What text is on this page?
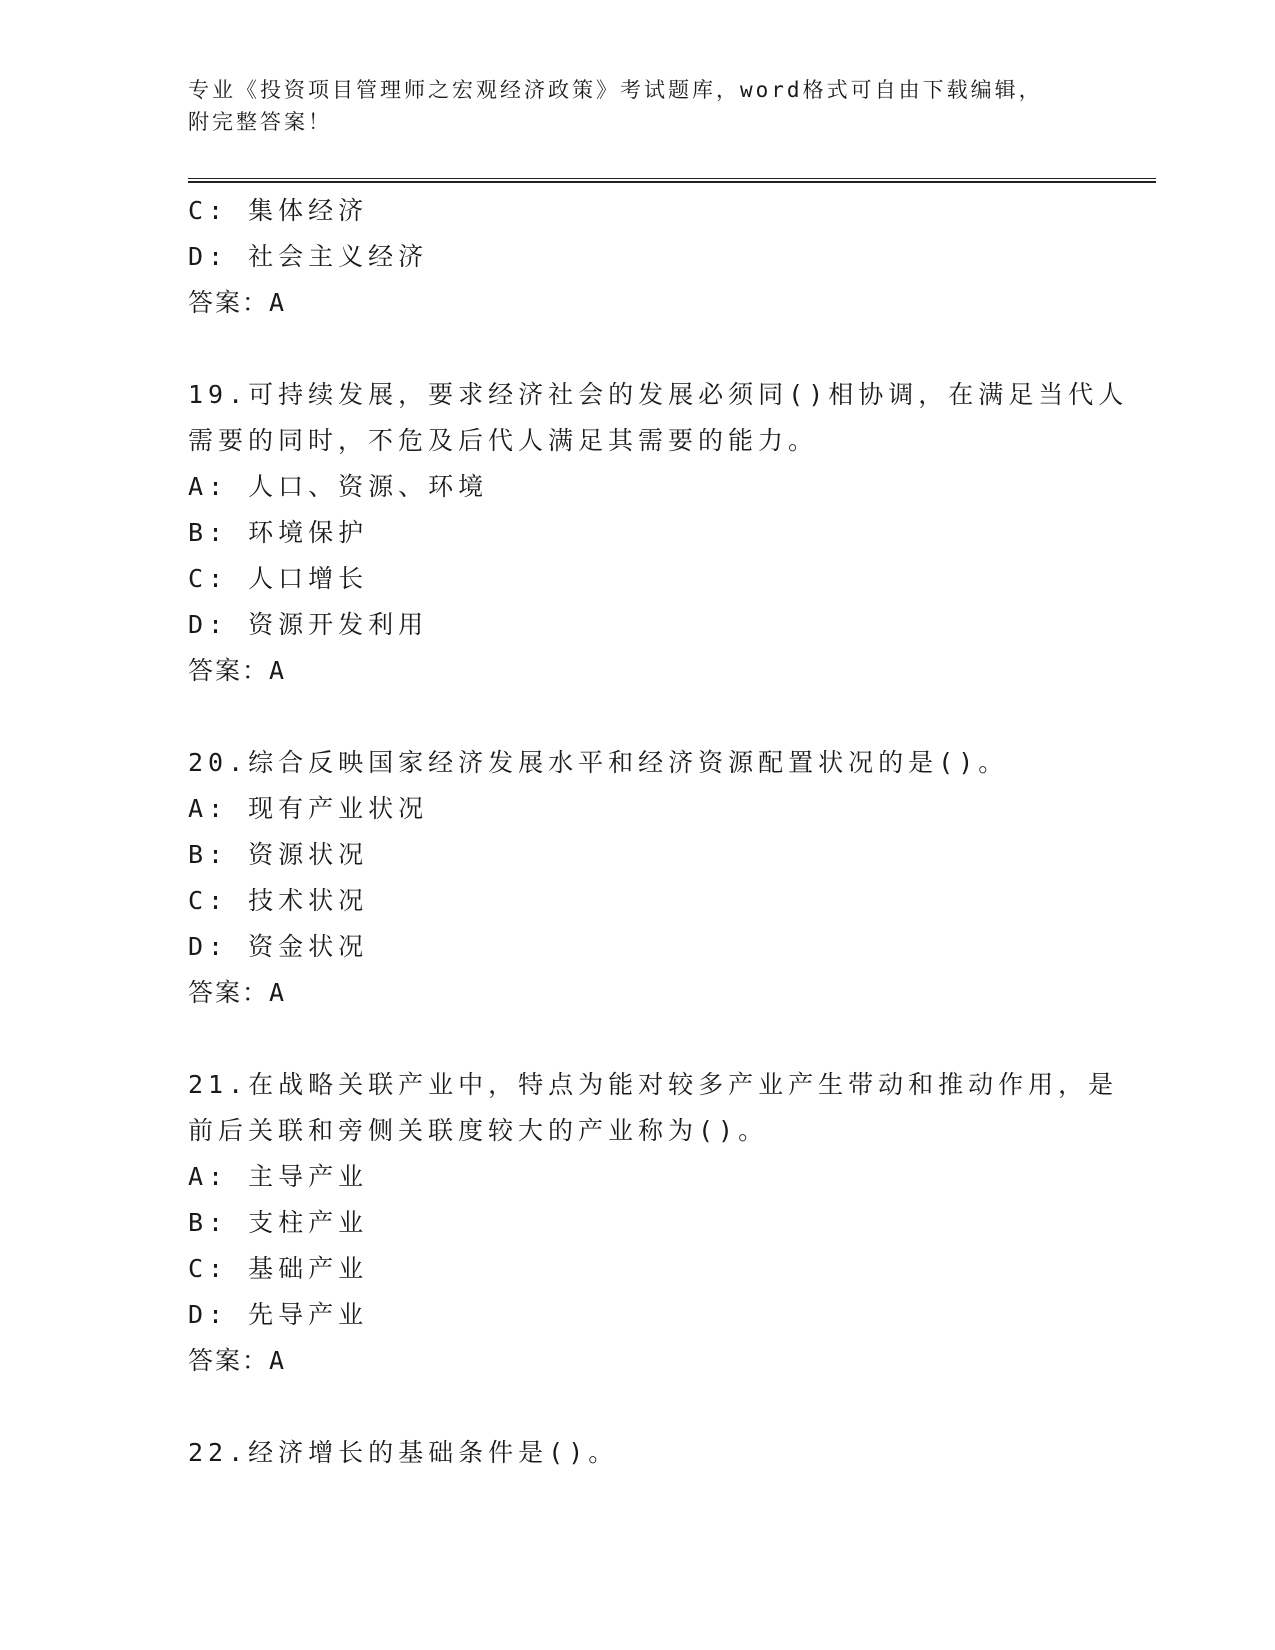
专业《投资项目管理师之宏观经济政策》考试题库，word格式可自由下载编辑，
附完整答案！
C: 集体经济
D: 社会主义经济
答案：A
19.可持续发展，要求经济社会的发展必须同()相协调，在满足当代人
需要的同时，不危及后代人满足其需要的能力。
A: 人口、资源、环境
B: 环境保护
C: 人口增长
D: 资源开发利用
答案：A
20.综合反映国家经济发展水平和经济资源配置状况的是()。
A: 现有产业状况
B: 资源状况
C: 技术状况
D: 资金状况
答案：A
21.在战略关联产业中，特点为能对较多产业产生带动和推动作用，是
前后关联和旁侧关联度较大的产业称为()。
A: 主导产业
B: 支柱产业
C: 基础产业
D: 先导产业
答案：A
22.经济增长的基础条件是()。
